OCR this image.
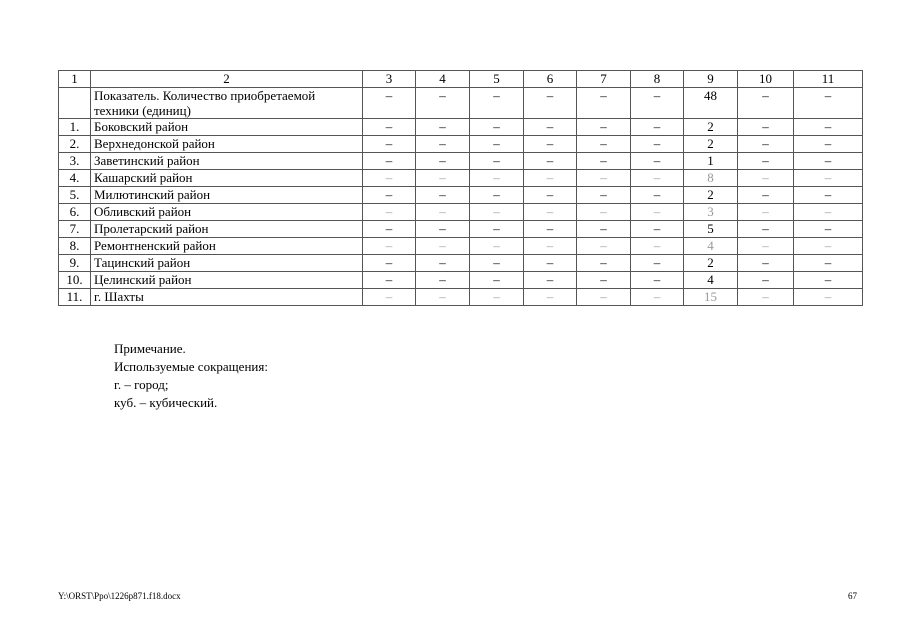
1	2	3	4	5	6	7	8	9	10	11
	Показатель. Количество приобретаемой техники (единиц)	–	–	–	–	–	–	48	–	–
1.	Боковский район	–	–	–	–	–	–	2	–	–
2.	Верхнедонской район	–	–	–	–	–	–	2	–	–
3.	Заветинский район	–	–	–	–	–	–	1	–	–
4.	Кашарский район	–	–	–	–	–	–	8	–	–
5.	Милютинский район	–	–	–	–	–	–	2	–	–
6.	Обливский район	–	–	–	–	–	–	3	–	–
7.	Пролетарский район	–	–	–	–	–	–	5	–	–
8.	Ремонтненский район	–	–	–	–	–	–	4	–	–
9.	Тацинский район	–	–	–	–	–	–	2	–	–
10.	Целинский район	–	–	–	–	–	–	4	–	–
11.	г. Шахты	–	–	–	–	–	–	15	–	–
Примечание.
Используемые сокращения:
г. – город;
куб. – кубический.
Y:\ORST\Ppo\1226p871.f18.docx	67
